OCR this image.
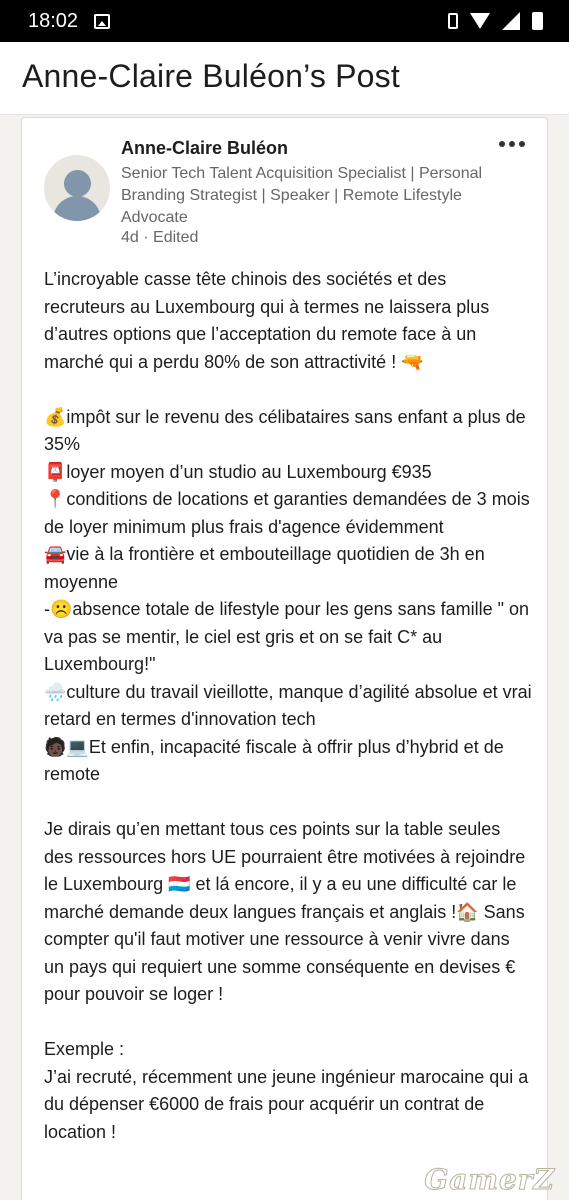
18:02
Anne-Claire Buléon’s Post
Anne-Claire Buléon
Senior Tech Talent Acquisition Specialist | Personal Branding Strategist | Speaker | Remote Lifestyle Advocate
4d · Edited
L’incroyable casse tête chinois des sociétés et des recruteurs au Luxembourg qui à termes ne laissera plus d’autres options que l’acceptation du remote face à un marché qui a perdu 80% de son attractivité ! 🔫
💰impôt sur le revenu des célibataires sans enfant a plus de 35%
📮loyer moyen d’un studio au Luxembourg €935
📍conditions de locations et garanties demandées de 3 mois de loyer minimum plus frais d'agence évidemment
🚘vie à la frontière et embouteillage quotidien de 3h en moyenne
-☹️absence totale de lifestyle pour les gens sans famille " on va pas se mentir, le ciel est gris et on se fait C* au Luxembourg!"
🌧️culture du travail vieillotte, manque d’agilité absolue et vrai retard en termes d'innovation tech
🧑🏿💻Et enfin, incapacité fiscale à offrir plus d’hybrid et de remote
Je dirais qu’en mettant tous ces points sur la table seules des ressources hors UE pourraient être motivées à rejoindre le Luxembourg 🇱🇺 et lá encore, il y a eu une difficulté car le marché demande deux langues français et anglais !🏠 Sans compter qu'il faut motiver une ressource à venir vivre dans un pays qui requiert une somme conséquente en devises € pour pouvoir se loger !
Exemple :
J’ai recruté, récemment une jeune ingénieur marocaine qui a du dépenser €6000 de frais pour acquérir un contrat de location !
GamerZ
